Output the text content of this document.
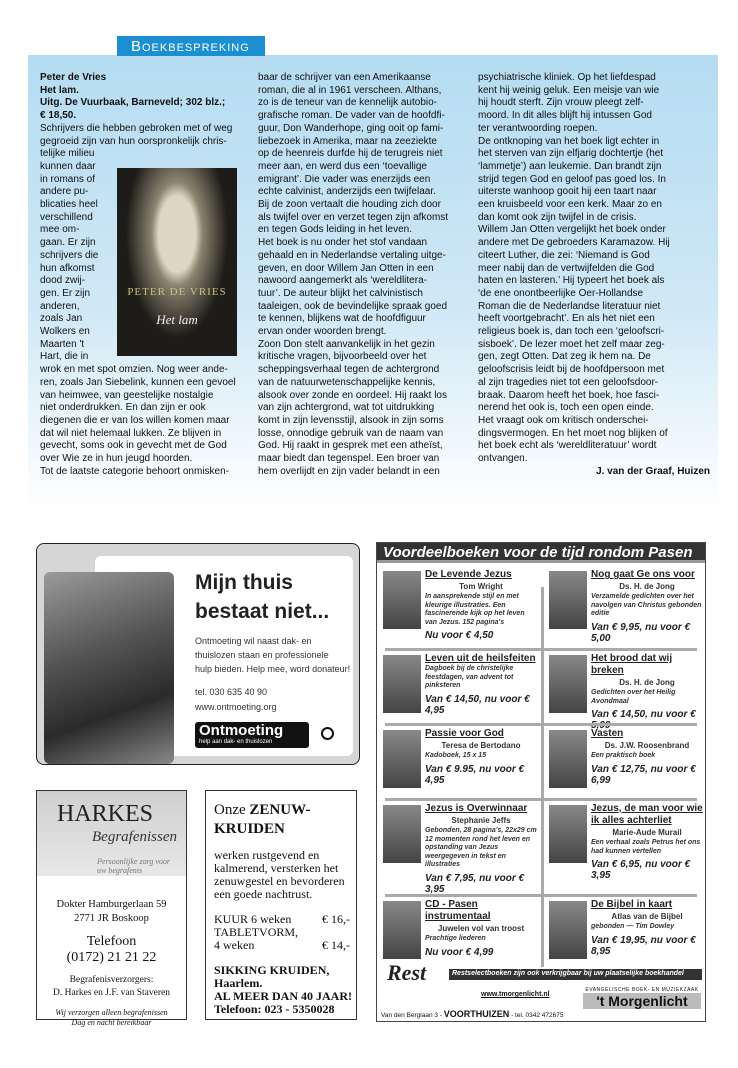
Boekbespreking
Peter de Vries
Het lam.
Uitg. De Vuurbaak, Barneveld; 302 blz.;
€ 18,50.
Schrijvers die hebben gebroken met of weg
gegroeid zijn van hun oorspronkelijk chris-
telijke milieu
kunnen daar
in romans of
andere pu-
blicaties heel
verschillend
mee om-
gaan. Er zijn
schrijvers die
hun afkomst
dood zwij-
gen. Er zijn
anderen,
zoals Jan
Wolkers en
Maarten 't
Hart, die in
wrok en met spot omzien. Nog weer ande-
ren, zoals Jan Siebelink, kunnen een gevoel
van heimwee, van geestelijke nostalgie
niet onderdrukken. En dan zijn er ook
diegenen die er van los willen komen maar
dat wil niet helemaal lukken. Ze blijven in
gevecht, soms ook in gevecht met de God
over Wie ze in hun jeugd hoorden.
Tot de laatste categorie behoort onmisken-
baar de schrijver van een Amerikaanse
roman, die al in 1961 verscheen. Althans,
zo is de teneur van de kennelijk autobio-
grafische roman. De vader van de hoofdfi-
guur, Don Wanderhope, ging ooit op fami-
liebezoek in Amerika, maar na zeeziekte
op de heenreis durfde hij de terugreis niet
meer aan, en werd dus een ‘toevallige
emigrant’. Die vader was enerzijds een
echte calvinist, anderzijds een twijfelaar.
Bij de zoon vertaalt die houding zich door
als twijfel over en verzet tegen zijn afkomst
en tegen Gods leiding in het leven.
Het boek is nu onder het stof vandaan
gehaald en in Nederlandse vertaling uitge-
geven, en door Willem Jan Otten in een
nawoord aangemerkt als ‘wereldlitera-
tuur’. De auteur blijkt het calvinistisch
taaleigen, ook de bevindelijke spraak goed
te kennen, blijkens wat de hoofdfiguur
ervan onder woorden brengt.
Zoon Don stelt aanvankelijk in het gezin
kritische vragen, bijvoorbeeld over het
scheppingsverhaal tegen de achtergrond
van de natuurwetenschappelijke kennis,
alsook over zonde en oordeel. Hij raakt los
van zijn achtergrond, wat tot uitdrukking
komt in zijn levensstijl, alsook in zijn soms
losse, onnodige gebruik van de naam van
God. Hij raakt in gesprek met een atheïst,
maar biedt dan tegenspel. Een broer van
hem overlijdt en zijn vader belandt in een
psychiatrische kliniek. Op het liefdespad
kent hij weinig geluk. Een meisje van wie
hij houdt sterft. Zijn vrouw pleegt zelf-
moord. In dit alles blijft hij intussen God
ter verantwoording roepen.
De ontknoping van het boek ligt echter in
het sterven van zijn elfjarig dochtertje (het
‘lammetje’) aan leukemie. Dan brandt zijn
strijd tegen God en geloof pas goed los. In
uiterste wanhoop gooit hij een taart naar
een kruisbeeld voor een kerk. Maar zo en
dan komt ook zijn twijfel in de crisis.
Willem Jan Otten vergelijkt het boek onder
andere met De gebroeders Karamazow. Hij
citeert Luther, die zei: ‘Niemand is God
meer nabij dan de vertwijfelden die God
haten en lasteren.’ Hij typeert het boek als
‘de ene onontbeerlijke Oer-Hollandse
Roman die de Nederlandse literatuur niet
heeft voortgebracht’. En als het niet een
religieus boek is, dan toch een ‘geloofscri-
sisboek’. De lezer moet het zelf maar zeg-
gen, zegt Otten. Dat zeg ik hem na. De
geloofscrisis leidt bij de hoofdpersoon met
al zijn tragedies niet tot een geloofsdoor-
braak. Daarom heeft het boek, hoe fasci-
nerend het ook is, toch een open einde.
Het vraagt ook om kritisch onderschei-
dingsvermogen. En het moet nog blijken of
het boek echt als ‘wereldliteratuur’ wordt
ontvangen.
J. van der Graaf, Huizen
PETER DE VRIES
Het lam
Mijn thuis
bestaat niet...
Ontmoeting wil naast dak- en
thuislozen staan en professionele
hulp bieden. Help mee, word donateur!
tel. 030 635 40 90
www.ontmoeting.org
Ontmoeting
help aan dak- en thuislozen
HARKES
Begrafenissen
Persoonlijke zorg voor
uw begrafenis
Dokter Hamburgerlaan 59
2771 JR Boskoop
Telefoon
(0172) 21 21 22
Begrafenisverzorgers:
D. Harkes en J.F. van Staveren
Wij verzorgen alleen begrafenissen
Dag en nacht bereikbaar
Onze ZENUW-
KRUIDEN
werken rustgevend en
kalmerend, versterken het
zenuwgestel en bevorderen
een goede nachtrust.
KUUR 6 weken	€ 16,-
TABLETVORM,
4 weken	€ 14,-
SIKKING KRUIDEN,
Haarlem.
AL MEER DAN 40 JAAR!
Telefoon: 023 - 5350028
Voordeelboeken voor de tijd rondom Pasen
De Levende Jezus
Tom Wright
In aansprekende stijl en met kleurige illustraties. Een fascinerende kijk op het leven van Jezus. 152 pagina's
Nu voor € 4,50
Nog gaat Ge ons voor
Ds. H. de Jong
Verzamelde gedichten over het navolgen van Christus gebonden editie
Van € 9,95, nu voor € 5,00
Leven uit de heilsfeiten
Dagboek bij de christelijke feestdagen, van advent tot pinksteren
Van € 14,50, nu voor € 4,95
Het brood dat wij breken
Ds. H. de Jong
Gedichten over het Heilig Avondmaal
Van € 14,50, nu voor €
Passie voor God
Teresa de Bertodano
Kadoboek, 15 x 15
Van € 9.95, nu voor € 4,95
Vasten
Ds. J.W. Roosenbrand
Een praktisch boek
Van € 12,75, nu voor € 6,99
Jezus is Overwinnaar
Stephanie Jeffs
Gebonden, 28 pagina's, 22x29 cm 12 momenten rond het leven en opstanding van Jezus weergegeven in tekst en illustraties
Van € 7,95, nu voor € 3,95
Jezus, de man voor wie ik alles achterliet
Marie-Aude Murail
Een verhaal zoals Petrus het ons had kunnen vertellen
Van € 6,95, nu voor € 3,95
CD - Pasen instrumentaal
Juwelen vol van troost
Prachtige liederen
Nu voor € 4,99
De Bijbel in kaart
Atlas van de Bijbel
gebonden — Tim Dowley
Van € 19,95, nu voor € 8,95
Rest	Restselectboeken zijn ook verkrijgbaar bij uw plaatselijke boekhandel
www.tmorgenlicht.nl
Van den Berglaan 3 - VOORTHUIZEN - tel. 0342 472675
EVANGELISCHE BOEK- EN MUZIEKZAAK
't Morgenlicht
